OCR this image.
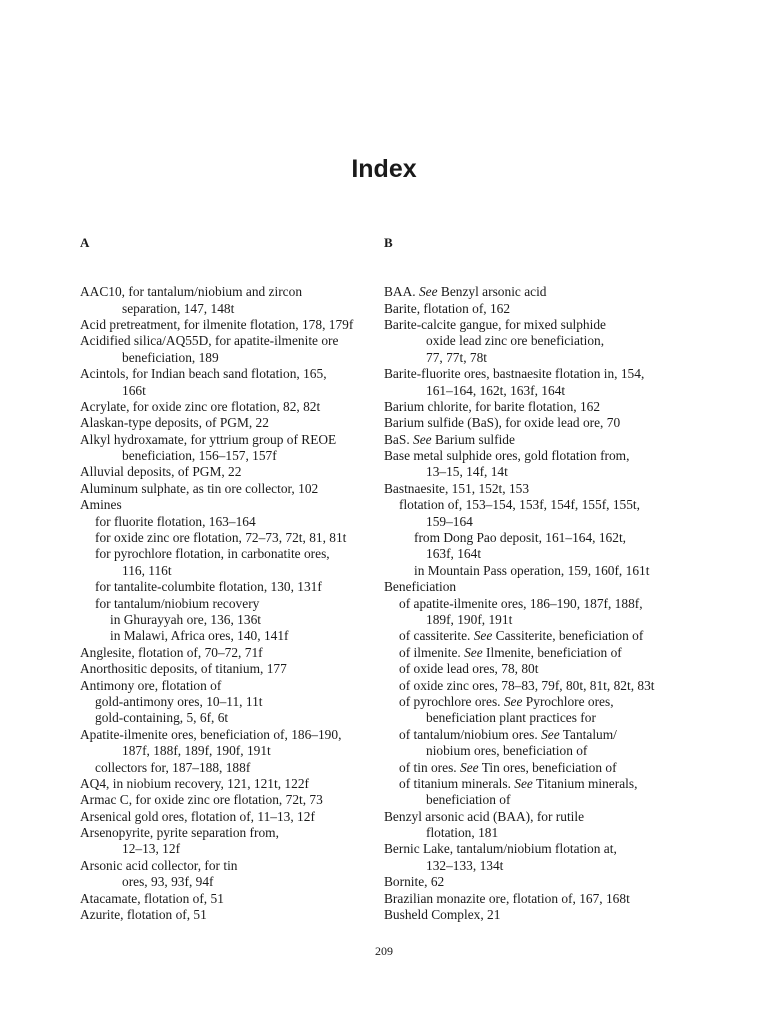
Index
A
AAC10, for tantalum/niobium and zircon
separation, 147, 148t
Acid pretreatment, for ilmenite flotation, 178, 179f
Acidified silica/AQ55D, for apatite-ilmenite ore
beneficiation, 189
Acintols, for Indian beach sand flotation, 165,
166t
Acrylate, for oxide zinc ore flotation, 82, 82t
Alaskan-type deposits, of PGM, 22
Alkyl hydroxamate, for yttrium group of REOE
beneficiation, 156–157, 157f
Alluvial deposits, of PGM, 22
Aluminum sulphate, as tin ore collector, 102
Amines
for fluorite flotation, 163–164
for oxide zinc ore flotation, 72–73, 72t, 81, 81t
for pyrochlore flotation, in carbonatite ores,
116, 116t
for tantalite-columbite flotation, 130, 131f
for tantalum/niobium recovery
in Ghurayyah ore, 136, 136t
in Malawi, Africa ores, 140, 141f
Anglesite, flotation of, 70–72, 71f
Anorthositic deposits, of titanium, 177
Antimony ore, flotation of
gold-antimony ores, 10–11, 11t
gold-containing, 5, 6f, 6t
Apatite-ilmenite ores, beneficiation of, 186–190,
187f, 188f, 189f, 190f, 191t
collectors for, 187–188, 188f
AQ4, in niobium recovery, 121, 121t, 122f
Armac C, for oxide zinc ore flotation, 72t, 73
Arsenical gold ores, flotation of, 11–13, 12f
Arsenopyrite, pyrite separation from,
12–13, 12f
Arsonic acid collector, for tin
ores, 93, 93f, 94f
Atacamate, flotation of, 51
Azurite, flotation of, 51
B
BAA. See Benzyl arsonic acid
Barite, flotation of, 162
Barite-calcite gangue, for mixed sulphide
oxide lead zinc ore beneficiation,
77, 77t, 78t
Barite-fluorite ores, bastnaesite flotation in, 154,
161–164, 162t, 163f, 164t
Barium chlorite, for barite flotation, 162
Barium sulfide (BaS), for oxide lead ore, 70
BaS. See Barium sulfide
Base metal sulphide ores, gold flotation from,
13–15, 14f, 14t
Bastnaesite, 151, 152t, 153
flotation of, 153–154, 153f, 154f, 155f, 155t,
159–164
from Dong Pao deposit, 161–164, 162t,
163f, 164t
in Mountain Pass operation, 159, 160f, 161t
Beneficiation
of apatite-ilmenite ores, 186–190, 187f, 188f,
189f, 190f, 191t
of cassiterite. See Cassiterite, beneficiation of
of ilmenite. See Ilmenite, beneficiation of
of oxide lead ores, 78, 80t
of oxide zinc ores, 78–83, 79f, 80t, 81t, 82t, 83t
of pyrochlore ores. See Pyrochlore ores,
beneficiation plant practices for
of tantalum/niobium ores. See Tantalum/
niobium ores, beneficiation of
of tin ores. See Tin ores, beneficiation of
of titanium minerals. See Titanium minerals,
beneficiation of
Benzyl arsonic acid (BAA), for rutile
flotation, 181
Bernic Lake, tantalum/niobium flotation at,
132–133, 134t
Bornite, 62
Brazilian monazite ore, flotation of, 167, 168t
Busheld Complex, 21
209
